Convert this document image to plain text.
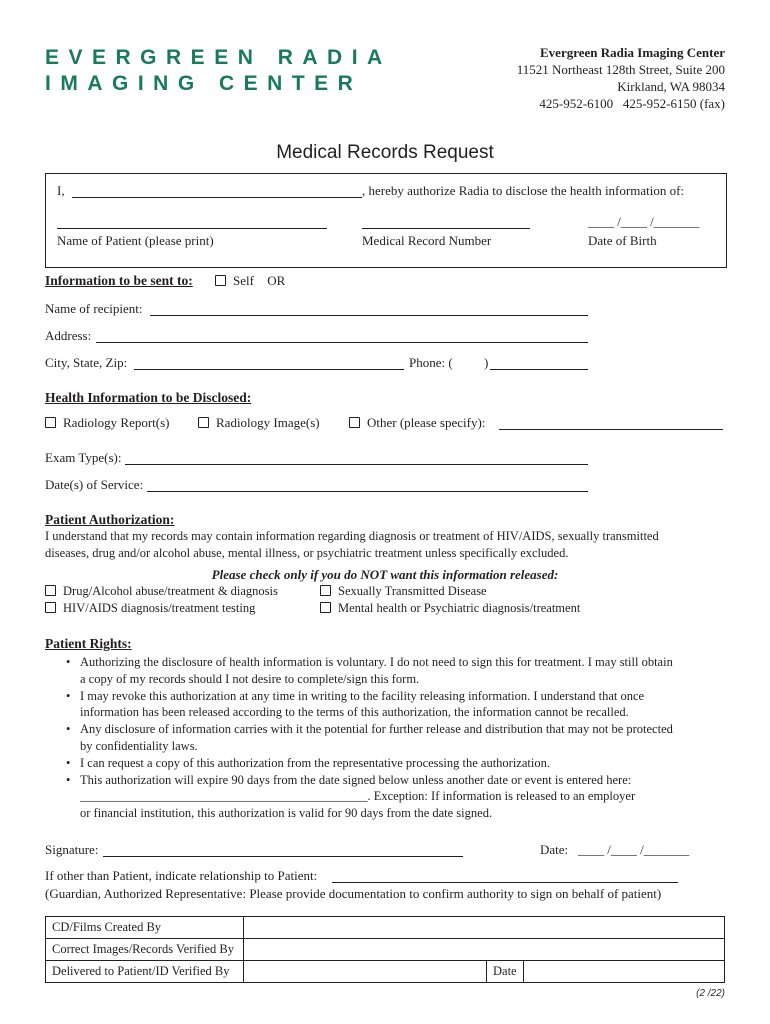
EVERGREEN RADIA
IMAGING CENTER
Evergreen Radia Imaging Center
11521 Northeast 128th Street, Suite 200
Kirkland, WA 98034
425-952-6100   425-952-6150 (fax)
Medical Records Request
I,	, hereby authorize Radia to disclose the health information of:
____ /____ /_______
Name of Patient (please print)	Medical Record Number	Date of Birth
Information to be sent to:	Self OR
Name of recipient:
Address:
City, State, Zip:	Phone: ( )
Health Information to be Disclosed:
Radiology Report(s)	Radiology Image(s)	Other (please specify):
Exam Type(s):
Date(s) of Service:
Patient Authorization:
I understand that my records may contain information regarding diagnosis or treatment of HIV/AIDS, sexually transmitted
diseases, drug and/or alcohol abuse, mental illness, or psychiatric treatment unless specifically excluded.
Please check only if you do NOT want this information released:
Drug/Alcohol abuse/treatment & diagnosis	Sexually Transmitted Disease
HIV/AIDS diagnosis/treatment testing	Mental health or Psychiatric diagnosis/treatment
Patient Rights:
• Authorizing the disclosure of health information is voluntary. I do not need to sign this for treatment. I may still obtain
a copy of my records should I not desire to complete/sign this form.
• I may revoke this authorization at any time in writing to the facility releasing information. I understand that once
information has been released according to the terms of this authorization, the information cannot be recalled.
• Any disclosure of information carries with it the potential for further release and distribution that may not be protected
by confidentiality laws.
• I can request a copy of this authorization from the representative processing the authorization.
• This authorization will expire 90 days from the date signed below unless another date or event is entered here:
______________________________________________. Exception: If information is released to an employer
or financial institution, this authorization is valid for 90 days from the date signed.
Signature:	Date: ____ /____ /_______
If other than Patient, indicate relationship to Patient:
(Guardian, Authorized Representative: Please provide documentation to confirm authority to sign on behalf of patient)
CD/Films Created By			
Correct Images/Records Verified By			
Delivered to Patient/ID Verified By		Date	
(2 /22)
